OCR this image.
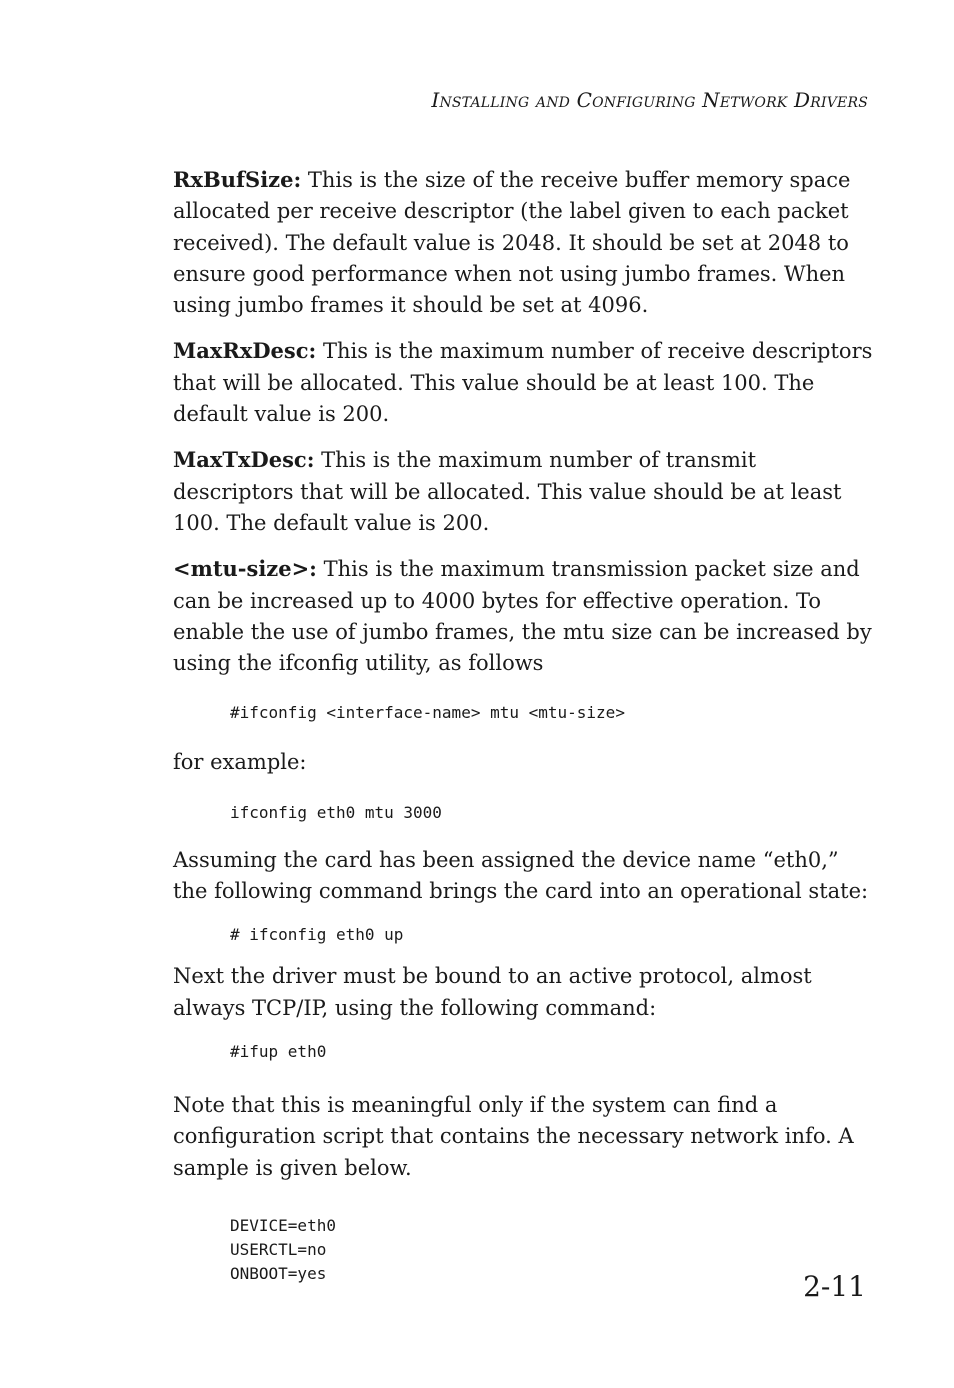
Installing and Configuring Network Drivers

RxBufSize: This is the size of the receive buffer memory space allocated per receive descriptor (the label given to each packet received). The default value is 2048. It should be set at 2048 to ensure good performance when not using jumbo frames. When using jumbo frames it should be set at 4096.

MaxRxDesc: This is the maximum number of receive descriptors that will be allocated. This value should be at least 100. The default value is 200.

MaxTxDesc: This is the maximum number of transmit descriptors that will be allocated. This value should be at least 100. The default value is 200.

<mtu-size>: This is the maximum transmission packet size and can be increased up to 4000 bytes for effective operation. To enable the use of jumbo frames, the mtu size can be increased by using the ifconfig utility, as follows

#ifconfig <interface-name> mtu <mtu-size>

for example:

ifconfig eth0 mtu 3000

Assuming the card has been assigned the device name “eth0,” the following command brings the card into an operational state:

# ifconfig eth0 up

Next the driver must be bound to an active protocol, almost always TCP/IP, using the following command:

#ifup eth0

Note that this is meaningful only if the system can find a configuration script that contains the necessary network info. A sample is given below.

DEVICE=eth0
USERCTL=no
ONBOOT=yes	2-11
